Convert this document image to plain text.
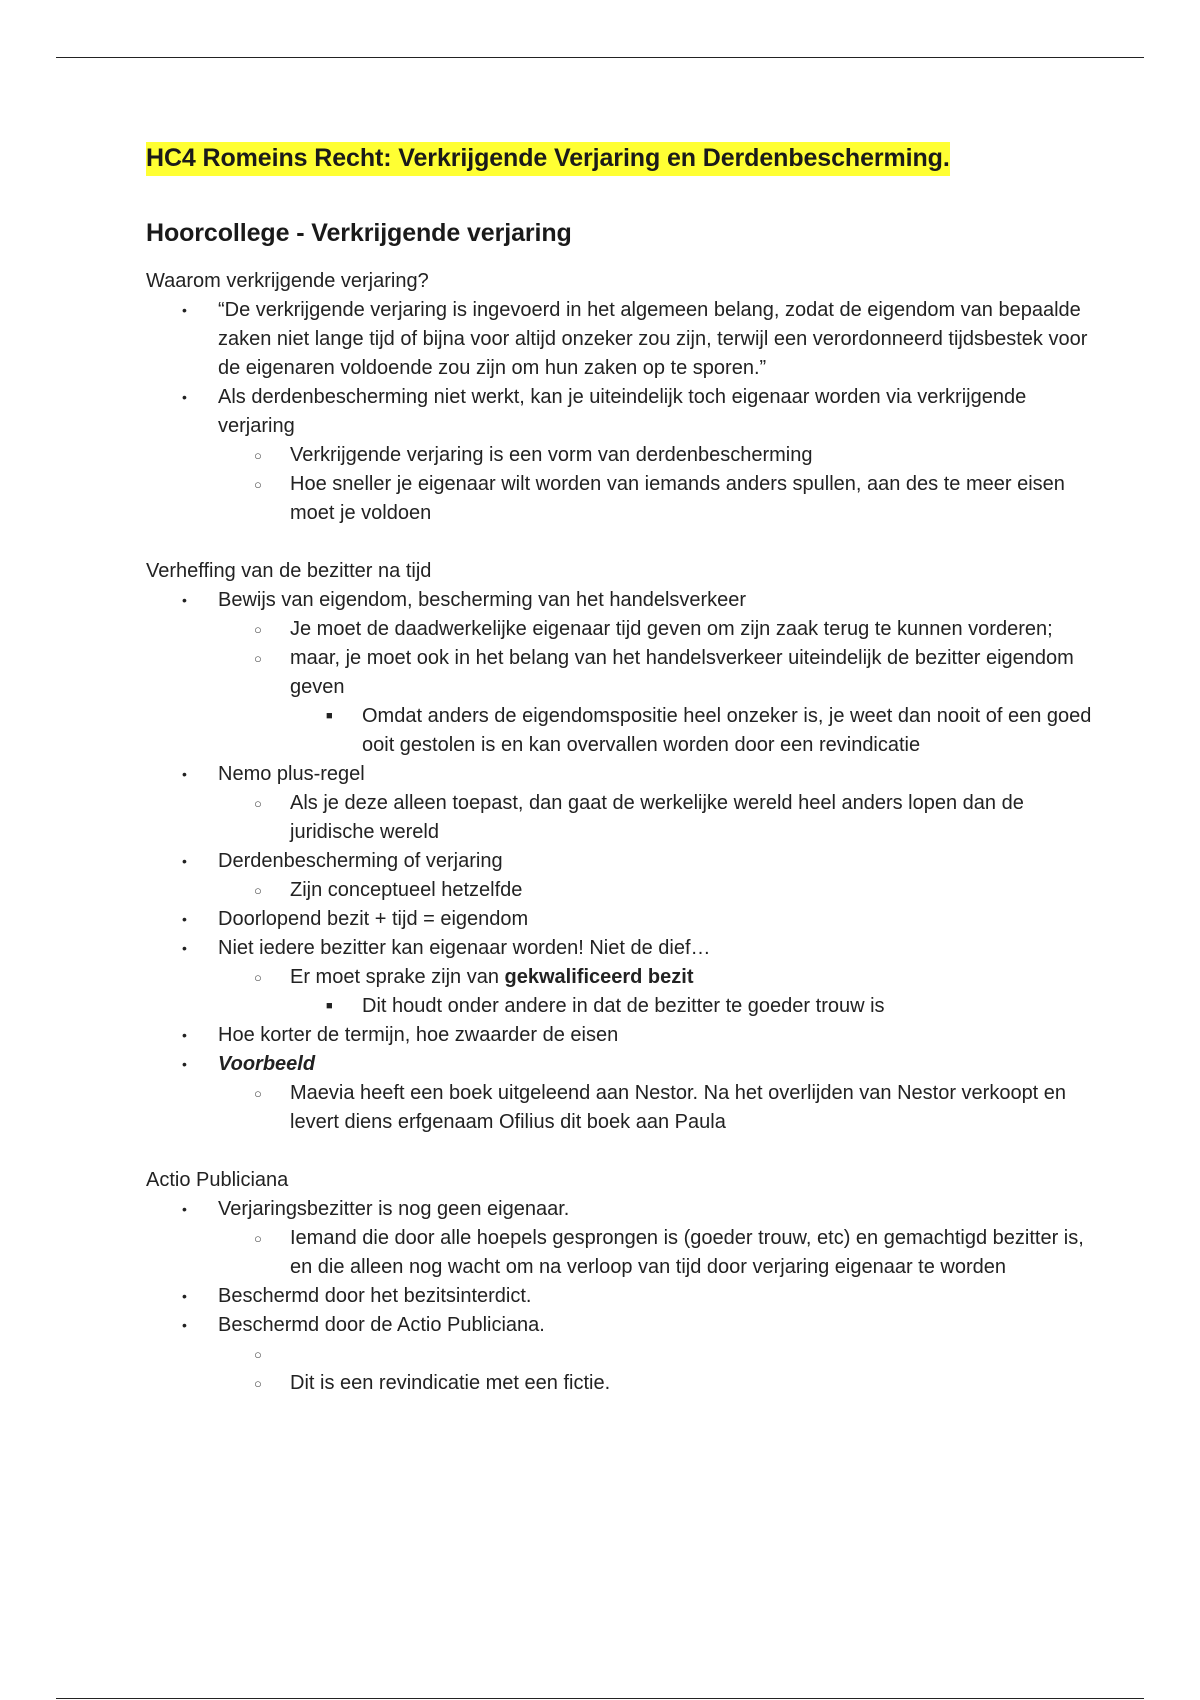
HC4 Romeins Recht: Verkrijgende Verjaring en Derdenbescherming.
Hoorcollege - Verkrijgende verjaring
Waarom verkrijgende verjaring?
• “De verkrijgende verjaring is ingevoerd in het algemeen belang, zodat de eigendom van bepaalde zaken niet lange tijd of bijna voor altijd onzeker zou zijn, terwijl een verordonneerd tijdsbestek voor de eigenaren voldoende zou zijn om hun zaken op te sporen.”
• Als derdenbescherming niet werkt, kan je uiteindelijk toch eigenaar worden via verkrijgende verjaring
○ Verkrijgende verjaring is een vorm van derdenbescherming
○ Hoe sneller je eigenaar wilt worden van iemands anders spullen, aan des te meer eisen moet je voldoen
Verheffing van de bezitter na tijd
• Bewijs van eigendom, bescherming van het handelsverkeer
○ Je moet de daadwerkelijke eigenaar tijd geven om zijn zaak terug te kunnen vorderen;
○ maar, je moet ook in het belang van het handelsverkeer uiteindelijk de bezitter eigendom geven
■ Omdat anders de eigendomspositie heel onzeker is, je weet dan nooit of een goed ooit gestolen is en kan overvallen worden door een revindicatie
• Nemo plus-regel
○ Als je deze alleen toepast, dan gaat de werkelijke wereld heel anders lopen dan de juridische wereld
• Derdenbescherming of verjaring
○ Zijn conceptueel hetzelfde
• Doorlopend bezit + tijd = eigendom
• Niet iedere bezitter kan eigenaar worden! Niet de dief…
○ Er moet sprake zijn van gekwalificeerd bezit
■ Dit houdt onder andere in dat de bezitter te goeder trouw is
• Hoe korter de termijn, hoe zwaarder de eisen
• Voorbeeld
○ Maevia heeft een boek uitgeleend aan Nestor. Na het overlijden van Nestor verkoopt en levert diens erfgenaam Ofilius dit boek aan Paula
Actio Publiciana
• Verjaringsbezitter is nog geen eigenaar.
○ Iemand die door alle hoepels gesprongen is (goeder trouw, etc) en gemachtigd bezitter is, en die alleen nog wacht om na verloop van tijd door verjaring eigenaar te worden
• Beschermd door het bezitsinterdict.
• Beschermd door de Actio Publiciana.
○
○ Dit is een revindicatie met een fictie.
